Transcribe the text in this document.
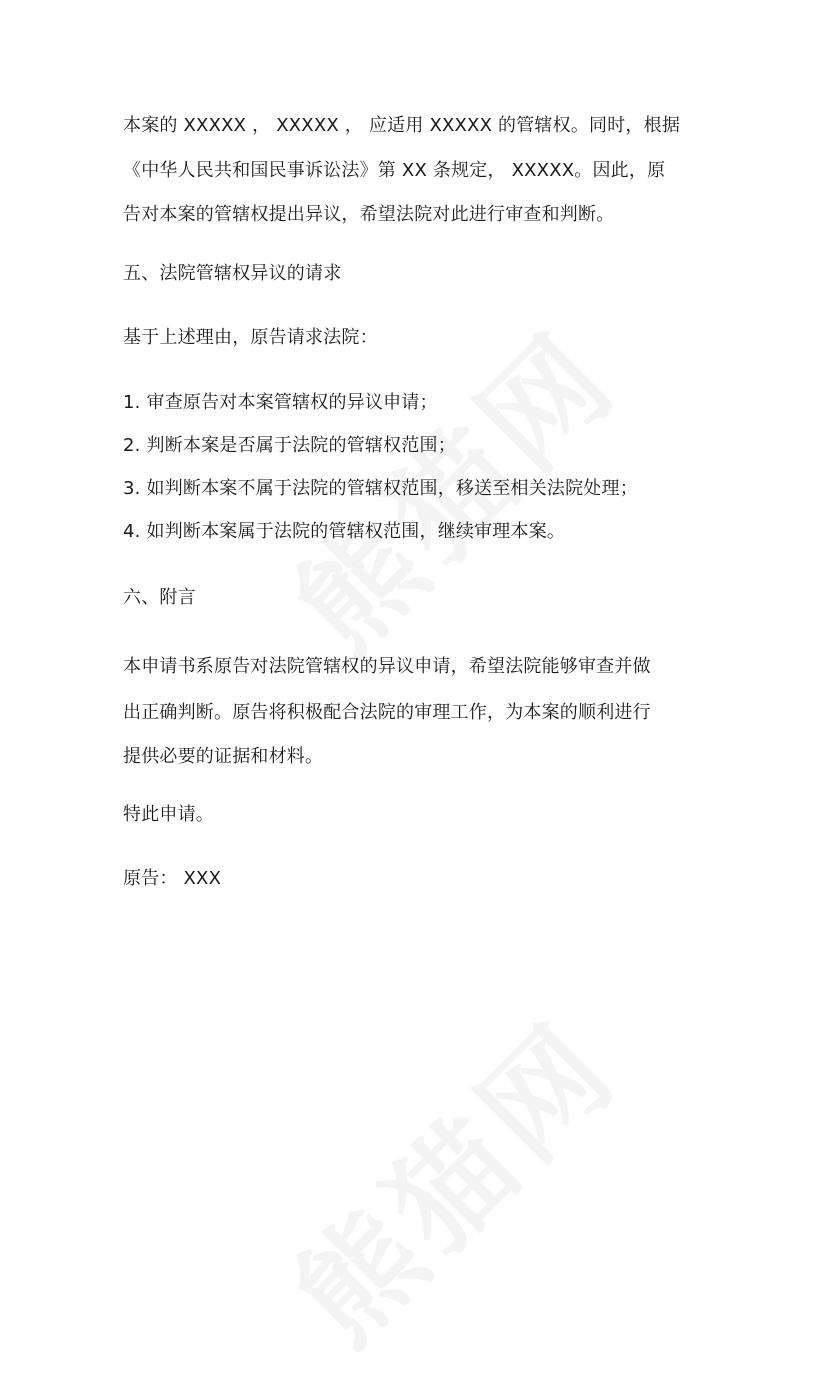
本案的 XXXXX ， XXXXX ， 应适用 XXXXX 的管辖权。同时，根据
《中华人民共和国民事诉讼法》第 XX 条规定， XXXXX。因此，原
告对本案的管辖权提出异议，希望法院对此进行审查和判断。
五、法院管辖权异议的请求
基于上述理由，原告请求法院：
1. 审查原告对本案管辖权的异议申请；
2. 判断本案是否属于法院的管辖权范围；
3. 如判断本案不属于法院的管辖权范围，移送至相关法院处理；
4. 如判断本案属于法院的管辖权范围，继续审理本案。
六、附言
本申请书系原告对法院管辖权的异议申请，希望法院能够审查并做
出正确判断。原告将积极配合法院的审理工作，为本案的顺利进行
提供必要的证据和材料。
特此申请。
原告： XXX
